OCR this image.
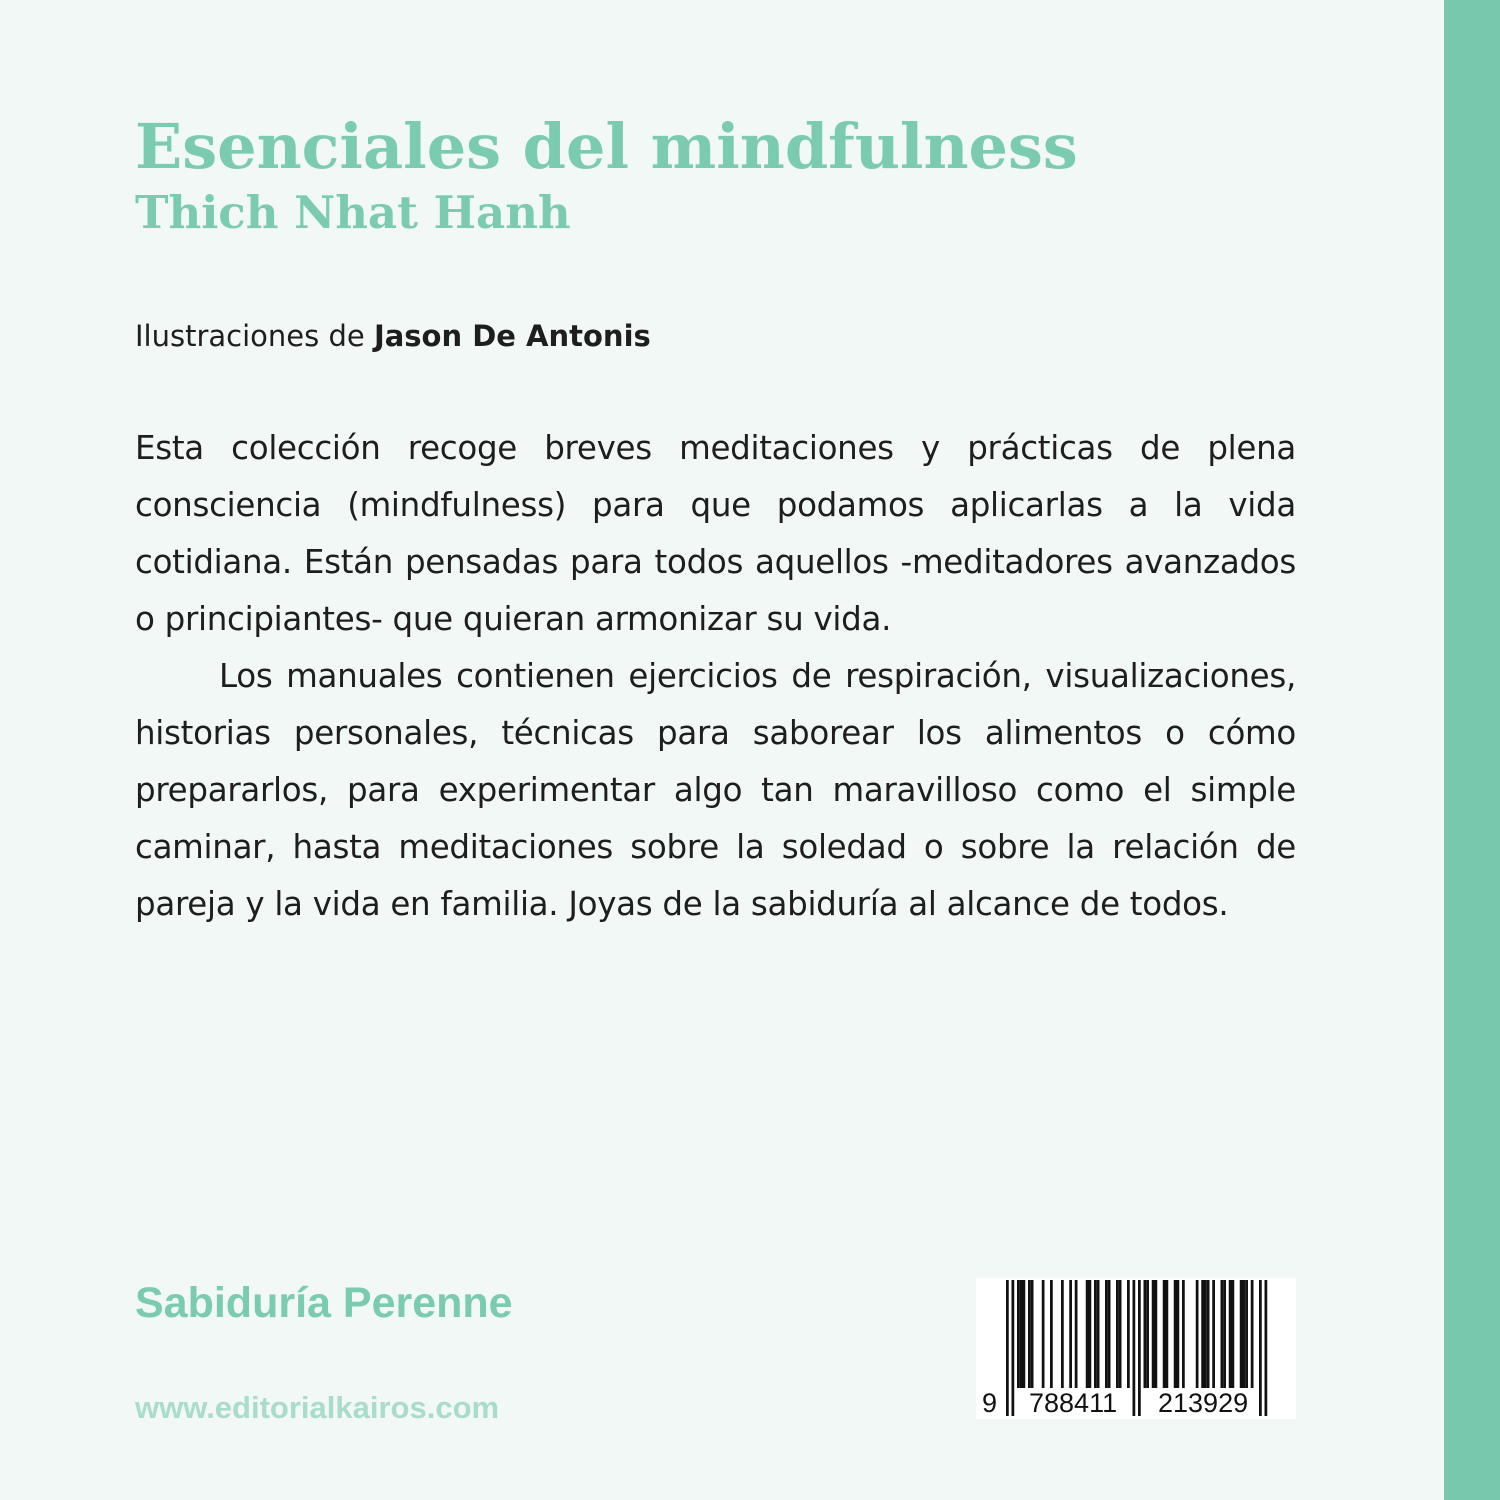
Esenciales del mindfulness
Thich Nhat Hanh
Ilustraciones de Jason De Antonis

Esta colección recoge breves meditaciones y prácticas de plena consciencia (mindfulness) para que podamos aplicarlas a la vida cotidiana. Están pensadas para todos aquellos -meditadores avanzados o principiantes- que quieran armonizar su vida.

Los manuales contienen ejercicios de respiración, visualizaciones, historias personales, técnicas para saborear los alimentos o cómo prepararlos, para experimentar algo tan maravilloso como el simple caminar, hasta meditaciones sobre la soledad o sobre la relación de pareja y la vida en familia. Joyas de la sabiduría al alcance de todos.

Sabiduría Perenne
www.editorialkairos.com	9 788411 213929
